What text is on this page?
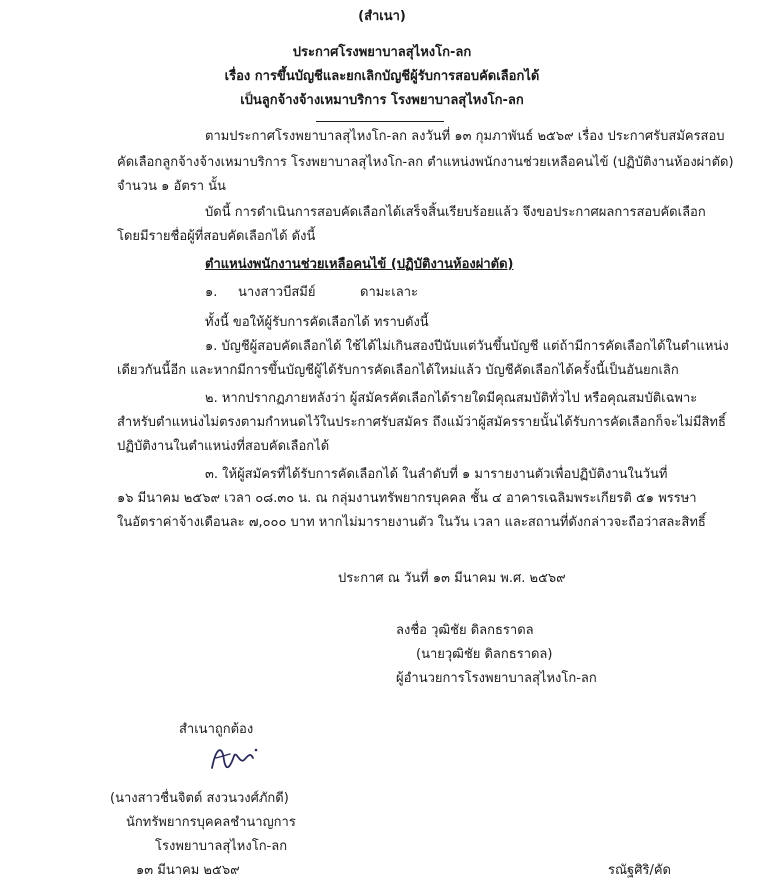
(สำเนา)
ประกาศโรงพยาบาลสุไหงโก-ลก
เรื่อง การขึ้นบัญชีและยกเลิกบัญชีผู้รับการสอบคัดเลือกได้
เป็นลูกจ้างจ้างเหมาบริการ โรงพยาบาลสุไหงโก-ลก
ตามประกาศโรงพยาบาลสุไหงโก-ลก ลงวันที่ ๑๓ กุมภาพันธ์ ๒๕๖๙ เรื่อง ประกาศรับสมัครสอบ
คัดเลือกลูกจ้างจ้างเหมาบริการ โรงพยาบาลสุไหงโก-ลก ตำแหน่งพนักงานช่วยเหลือคนไข้ (ปฏิบัติงานห้องผ่าตัด)
จำนวน ๑ อัตรา นั้น
บัดนี้ การดำเนินการสอบคัดเลือกได้เสร็จสิ้นเรียบร้อยแล้ว จึงขอประกาศผลการสอบคัดเลือก
โดยมีรายชื่อผู้ที่สอบคัดเลือกได้ ดังนี้
ตำแหน่งพนักงานช่วยเหลือคนไข้ (ปฏิบัติงานห้องผ่าตัด)
๑. นางสาวบีสมีย์	ดามะเลาะ
ทั้งนี้ ขอให้ผู้รับการคัดเลือกได้ ทราบดังนี้
๑. บัญชีผู้สอบคัดเลือกได้ ใช้ได้ไม่เกินสองปีนับแต่วันขึ้นบัญชี แต่ถ้ามีการคัดเลือกได้ในตำแหน่ง
เดียวกันนี้อีก และหากมีการขึ้นบัญชีผู้ได้รับการคัดเลือกได้ใหม่แล้ว บัญชีคัดเลือกได้ครั้งนี้เป็นอันยกเลิก
๒. หากปรากฏภายหลังว่า ผู้สมัครคัดเลือกได้รายใดมีคุณสมบัติทั่วไป หรือคุณสมบัติเฉพาะ
สำหรับตำแหน่งไม่ตรงตามกำหนดไว้ในประกาศรับสมัคร ถึงแม้ว่าผู้สมัครรายนั้นได้รับการคัดเลือกก็จะไม่มีสิทธิ์
ปฏิบัติงานในตำแหน่งที่สอบคัดเลือกได้
๓. ให้ผู้สมัครที่ได้รับการคัดเลือกได้ ในลำดับที่ ๑ มารายงานตัวเพื่อปฏิบัติงานในวันที่
๑๖ มีนาคม ๒๕๖๙ เวลา ๐๘.๓๐ น. ณ กลุ่มงานทรัพยากรบุคคล ชั้น ๔ อาคารเฉลิมพระเกียรติ ๕๑ พรรษา
ในอัตราค่าจ้างเดือนละ ๗,๐๐๐ บาท หากไม่มารายงานตัว ในวัน เวลา และสถานที่ดังกล่าวจะถือว่าสละสิทธิ์
ประกาศ ณ วันที่ ๑๓ มีนาคม พ.ศ. ๒๕๖๙
ลงชื่อ วุฒิชัย ดิลกธราดล
(นายวุฒิชัย ดิลกธราดล)
ผู้อำนวยการโรงพยาบาลสุไหงโก-ลก
สำเนาถูกต้อง
(นางสาวชื่นจิตต์ สงวนวงศ์ภักดี)
นักทรัพยากรบุคคลชำนาญการ
โรงพยาบาลสุไหงโก-ลก
๑๓ มีนาคม ๒๕๖๙	รณัฐศิริ/คัด
